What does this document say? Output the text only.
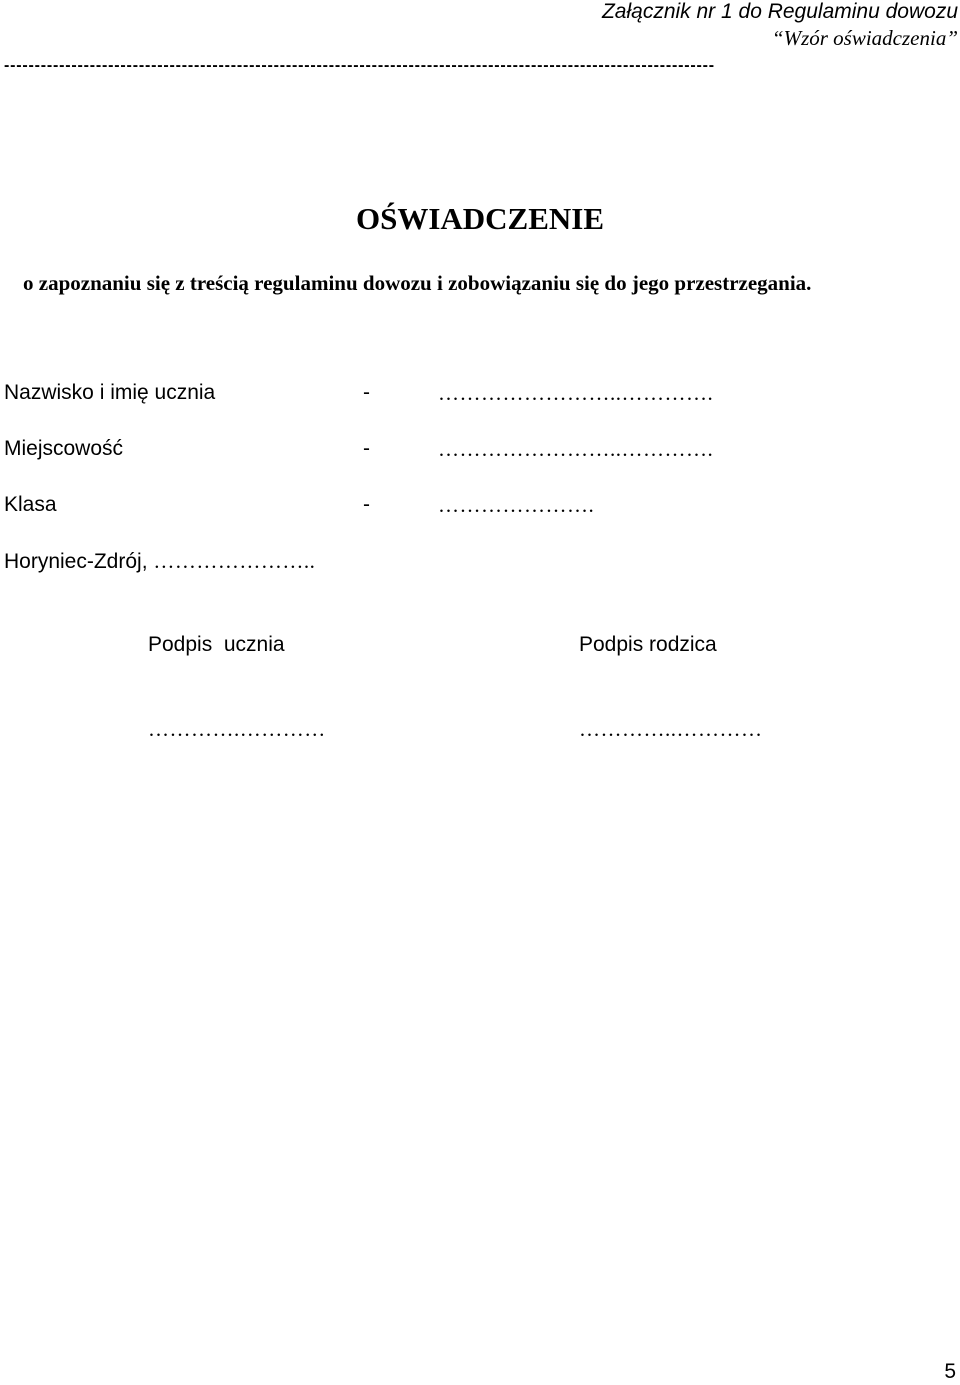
Załącznik nr 1 do Regulaminu dowozu
“Wzór oświadczenia”
--------------------------------------------------------------------------------------------------------------------
OŚWIADCZENIE
o zapoznaniu się z treścią regulaminu dowozu i zobowiązaniu się do jego przestrzegania.
Nazwisko i imię ucznia	-	……………………..………….
Miejscowość	-	……………………..………….
Klasa	-	………………….
Horyniec-Zdrój, …………………..
Podpis  ucznia	Podpis rodzica
………….…………	…………..…………
5
